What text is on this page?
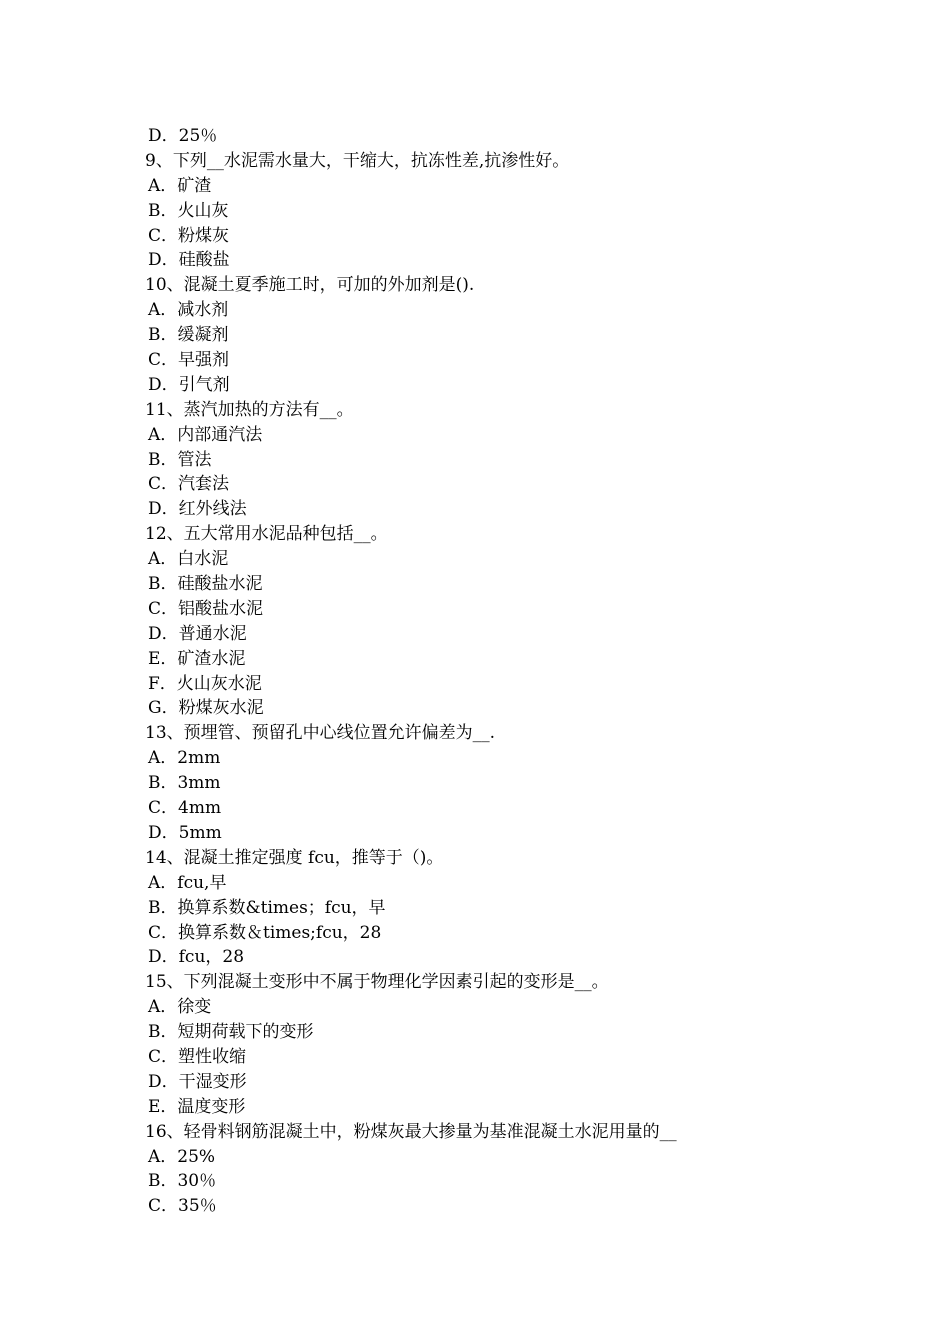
D．25％
9、下列__水泥需水量大，干缩大，抗冻性差,抗渗性好。
A．矿渣
B．火山灰
C．粉煤灰
D．硅酸盐
10、混凝土夏季施工时，可加的外加剂是().
A．减水剂
B．缓凝剂
C．早强剂
D．引气剂
11、蒸汽加热的方法有__。
A．内部通汽法
B．管法
C．汽套法
D．红外线法
12、五大常用水泥品种包括__。
A．白水泥
B．硅酸盐水泥
C．铝酸盐水泥
D．普通水泥
E．矿渣水泥
F．火山灰水泥
G．粉煤灰水泥
13、预埋管、预留孔中心线位置允许偏差为__.
A．2mm
B．3mm
C．4mm
D．5mm
14、混凝土推定强度 fcu，推等于（)。
A．fcu,早
B．换算系数&times；fcu，早
C．换算系数＆times;fcu，28
D．fcu，28
15、下列混凝土变形中不属于物理化学因素引起的变形是__。
A．徐变
B．短期荷载下的变形
C．塑性收缩
D．干湿变形
E．温度变形
16、轻骨料钢筋混凝土中，粉煤灰最大掺量为基准混凝土水泥用量的__
A．25%
B．30％
C．35％
